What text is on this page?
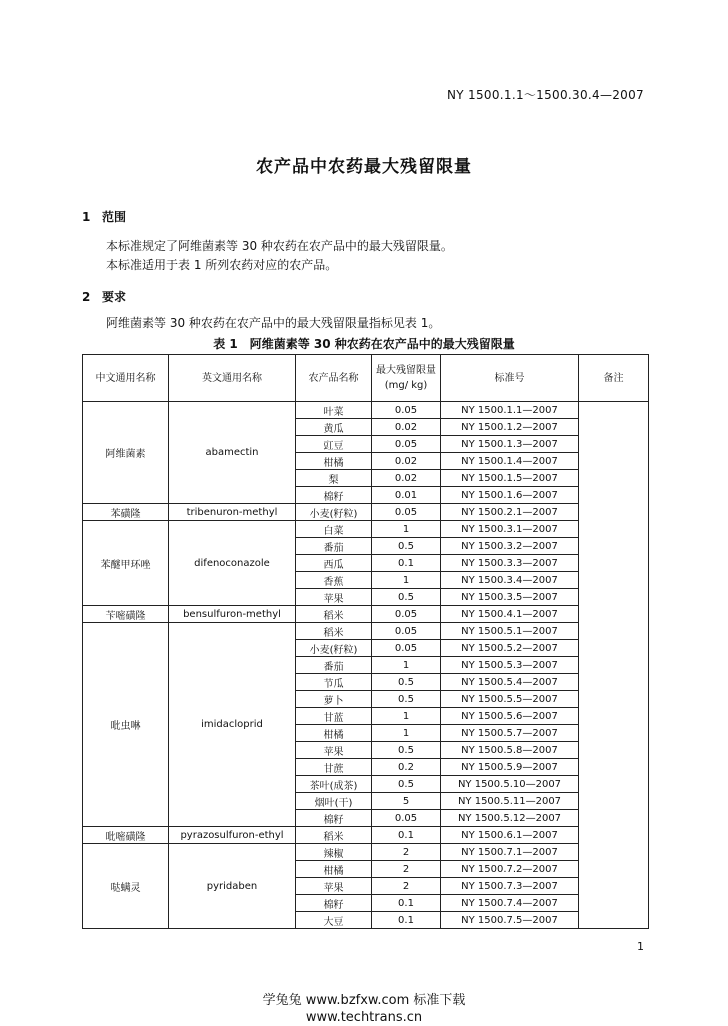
NY 1500.1.1～1500.30.4—2007
农产品中农药最大残留限量
1 范围
本标准规定了阿维菌素等 30 种农药在农产品中的最大残留限量。
本标准适用于表 1 所列农药对应的农产品。
2 要求
阿维菌素等 30 种农药在农产品中的最大残留限量指标见表 1。
表 1　阿维菌素等 30 种农药在农产品中的最大残留限量
中文通用名称	英文通用名称	农产品名称	最大残留限量
(mg/ kg)	标准号	备注
阿维菌素	abamectin	叶菜	0.05	NY 1500.1.1—2007	
		黄瓜	0.02	NY 1500.1.2—2007	
		豇豆	0.05	NY 1500.1.3—2007	
		柑橘	0.02	NY 1500.1.4—2007	
		梨	0.02	NY 1500.1.5—2007	
		棉籽	0.01	NY 1500.1.6—2007	
苯磺隆	tribenuron-methyl	小麦(籽粒)	0.05	NY 1500.2.1—2007	
苯醚甲环唑	difenoconazole	白菜	1	NY 1500.3.1—2007	
		番茄	0.5	NY 1500.3.2—2007	
		西瓜	0.1	NY 1500.3.3—2007	
		香蕉	1	NY 1500.3.4—2007	
		苹果	0.5	NY 1500.3.5—2007	
苄嘧磺隆	bensulfuron-methyl	稻米	0.05	NY 1500.4.1—2007	
吡虫啉	imidacloprid	稻米	0.05	NY 1500.5.1—2007	
		小麦(籽粒)	0.05	NY 1500.5.2—2007	
		番茄	1	NY 1500.5.3—2007	
		节瓜	0.5	NY 1500.5.4—2007	
		萝卜	0.5	NY 1500.5.5—2007	
		甘蓝	1	NY 1500.5.6—2007	
		柑橘	1	NY 1500.5.7—2007	
		苹果	0.5	NY 1500.5.8—2007	
		甘蔗	0.2	NY 1500.5.9—2007	
		茶叶(成茶)	0.5	NY 1500.5.10—2007	
		烟叶(干)	5	NY 1500.5.11—2007	
		棉籽	0.05	NY 1500.5.12—2007	
吡嘧磺隆	pyrazosulfuron-ethyl	稻米	0.1	NY 1500.6.1—2007	
哒螨灵	pyridaben	辣椒	2	NY 1500.7.1—2007	
		柑橘	2	NY 1500.7.2—2007	
		苹果	2	NY 1500.7.3—2007	
		棉籽	0.1	NY 1500.7.4—2007	
		大豆	0.1	NY 1500.7.5—2007	
1
学兔兔 www.bzfxw.com 标准下载
www.techtrans.cn
